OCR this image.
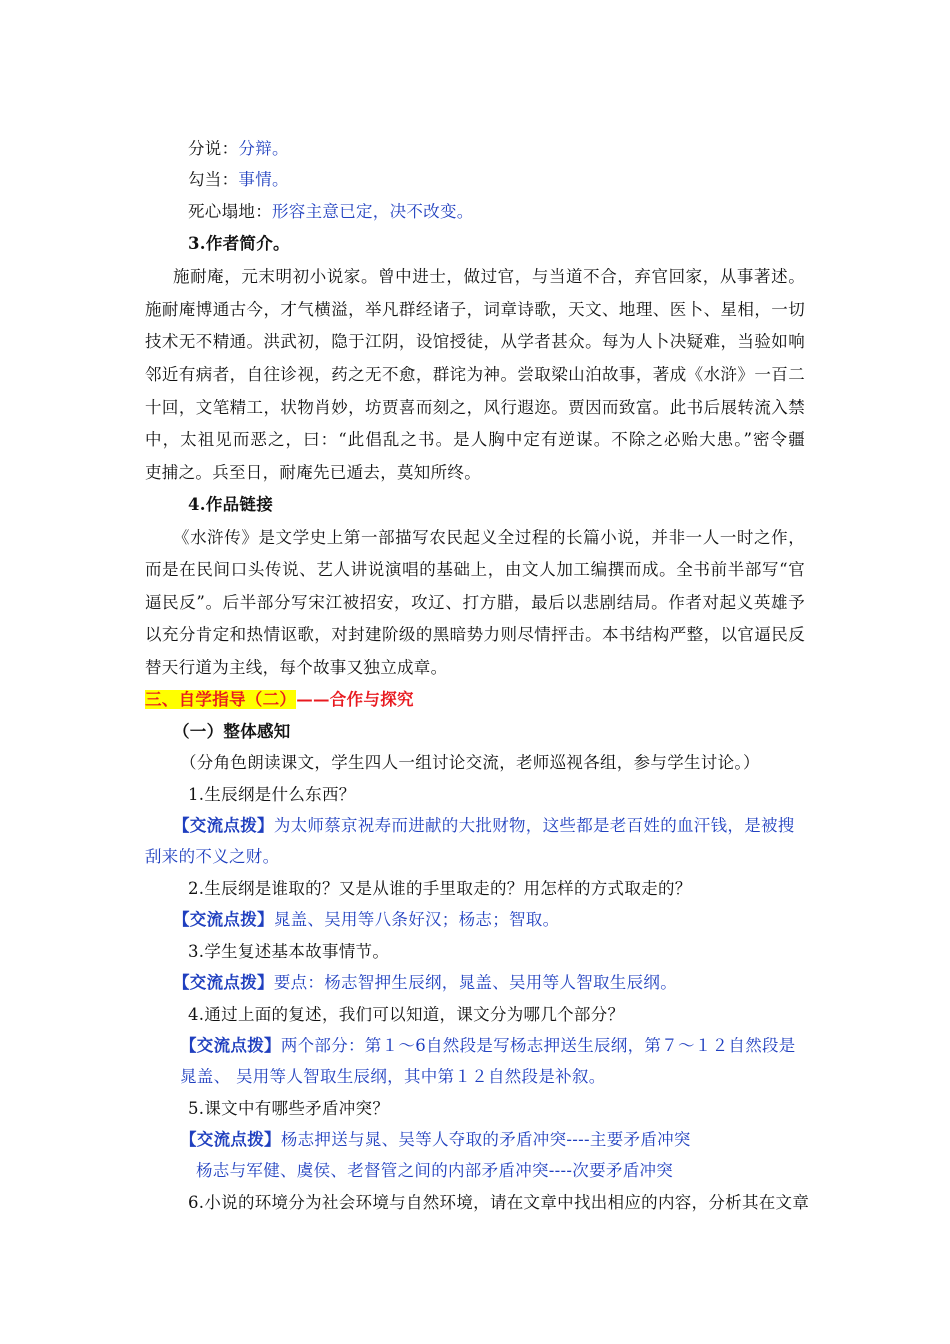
分说：分辩。
勾当：事情。
死心塌地：形容主意已定，决不改变。
3.作者简介。
施耐庵，元末明初小说家。曾中进士，做过官，与当道不合，弃官回家，从事著述。
施耐庵博通古今，才气横溢，举凡群经诸子，词章诗歌，天文、地理、医卜、星相，一切
技术无不精通。洪武初，隐于江阴，设馆授徒，从学者甚众。每为人卜决疑难，当验如响
邻近有病者，自往诊视，药之无不愈，群诧为神。尝取梁山泊故事，著成《水浒》一百二
十回，文笔精工，状物肖妙，坊贾喜而刻之，风行遐迩。贾因而致富。此书后展转流入禁
中，太祖见而恶之，曰：“此倡乱之书。是人胸中定有逆谋。不除之必贻大患。”密令疆
吏捕之。兵至日，耐庵先已遁去，莫知所终。
4.作品链接
《水浒传》是文学史上第一部描写农民起义全过程的长篇小说，并非一人一时之作，
而是在民间口头传说、艺人讲说演唱的基础上，由文人加工编撰而成。全书前半部写“官
逼民反”。后半部分写宋江被招安，攻辽、打方腊，最后以悲剧结局。作者对起义英雄予
以充分肯定和热情讴歌，对封建阶级的黑暗势力则尽情抨击。本书结构严整，以官逼民反
替天行道为主线，每个故事又独立成章。
三、自学指导（二）——合作与探究
（一）整体感知
（分角色朗读课文，学生四人一组讨论交流，老师巡视各组，参与学生讨论。）
1.生辰纲是什么东西？
【交流点拨】为太师蔡京祝寿而进献的大批财物，这些都是老百姓的血汗钱，是被搜
刮来的不义之财。
2.生辰纲是谁取的？又是从谁的手里取走的？用怎样的方式取走的？
【交流点拨】晁盖、吴用等八条好汉；杨志；智取。
3.学生复述基本故事情节。
【交流点拨】要点：杨志智押生辰纲，晁盖、吴用等人智取生辰纲。
4.通过上面的复述，我们可以知道，课文分为哪几个部分？
【交流点拨】两个部分：第１～6自然段是写杨志押送生辰纲，第７～１２自然段是
晁盖、 吴用等人智取生辰纲，其中第１２自然段是补叙。
5.课文中有哪些矛盾冲突？
【交流点拨】杨志押送与晁、吴等人夺取的矛盾冲突----主要矛盾冲突
杨志与军健、虞侯、老督管之间的内部矛盾冲突----次要矛盾冲突
6.小说的环境分为社会环境与自然环境，请在文章中找出相应的内容，分析其在文章
